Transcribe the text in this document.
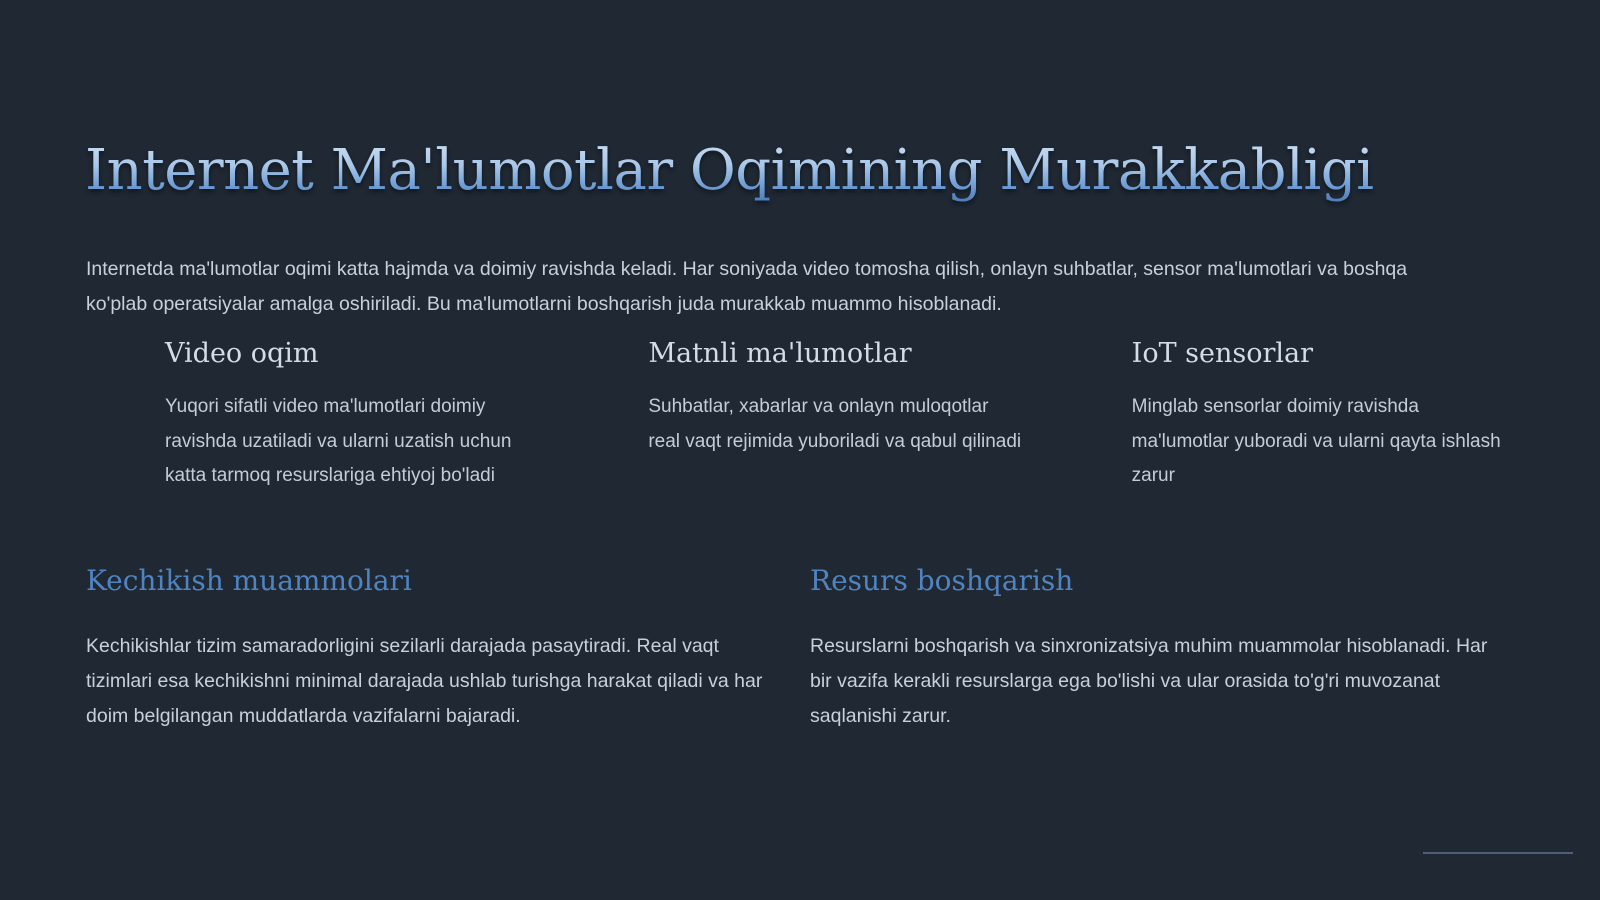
Internet Ma'lumotlar Oqimining Murakkabligi

Internetda ma'lumotlar oqimi katta hajmda va doimiy ravishda keladi. Har soniyada video tomosha qilish, onlayn suhbatlar, sensor ma'lumotlari va boshqa ko'plab operatsiyalar amalga oshiriladi. Bu ma'lumotlarni boshqarish juda murakkab muammo hisoblanadi.

Video oqim

Yuqori sifatli video ma'lumotlari doimiy ravishda uzatiladi va ularni uzatish uchun katta tarmoq resurslariga ehtiyoj bo'ladi

Matnli ma'lumotlar

Suhbatlar, xabarlar va onlayn muloqotlar real vaqt rejimida yuboriladi va qabul qilinadi

IoT sensorlar

Minglab sensorlar doimiy ravishda ma'lumotlar yuboradi va ularni qayta ishlash zarur

Kechikish muammolari

Kechikishlar tizim samaradorligini sezilarli darajada pasaytiradi. Real vaqt tizimlari esa kechikishni minimal darajada ushlab turishga harakat qiladi va har doim belgilangan muddatlarda vazifalarni bajaradi.

Resurs boshqarish

Resurslarni boshqarish va sinxronizatsiya muhim muammolar hisoblanadi. Har bir vazifa kerakli resurslarga ega bo'lishi va ular orasida to'g'ri muvozanat saqlanishi zarur.
